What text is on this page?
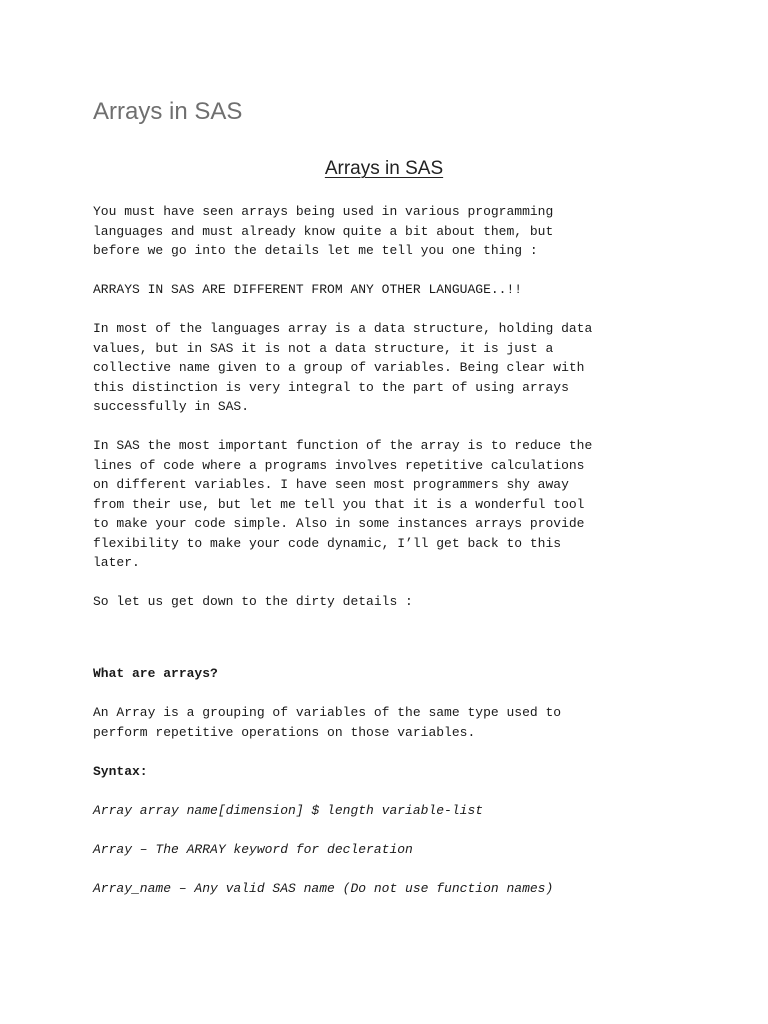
Arrays in SAS
Arrays in SAS

You must have seen arrays being used in various programming

languages and must already know quite a bit about them, but

before we go into the details let me tell you one thing :

ARRAYS IN SAS ARE DIFFERENT FROM ANY OTHER LANGUAGE..!!

In most of the languages array is a data structure, holding data

values, but in SAS it is not a data structure, it is just a

collective name given to a group of variables. Being clear with

this distinction is very integral to the part of using arrays

successfully in SAS.

In SAS the most important function of the array is to reduce the

lines of code where a programs involves repetitive calculations

on different variables. I have seen most programmers shy away

from their use, but let me tell you that it is a wonderful tool

to make your code simple. Also in some instances arrays provide

flexibility to make your code dynamic, I’ll get back to this

later.

So let us get down to the dirty details :

What are arrays?

An Array is a grouping of variables of the same type used to

perform repetitive operations on those variables.

Syntax:

Array array name[dimension] $ length variable-list

Array – The ARRAY keyword for decleration

Array_name – Any valid SAS name (Do not use function names)
